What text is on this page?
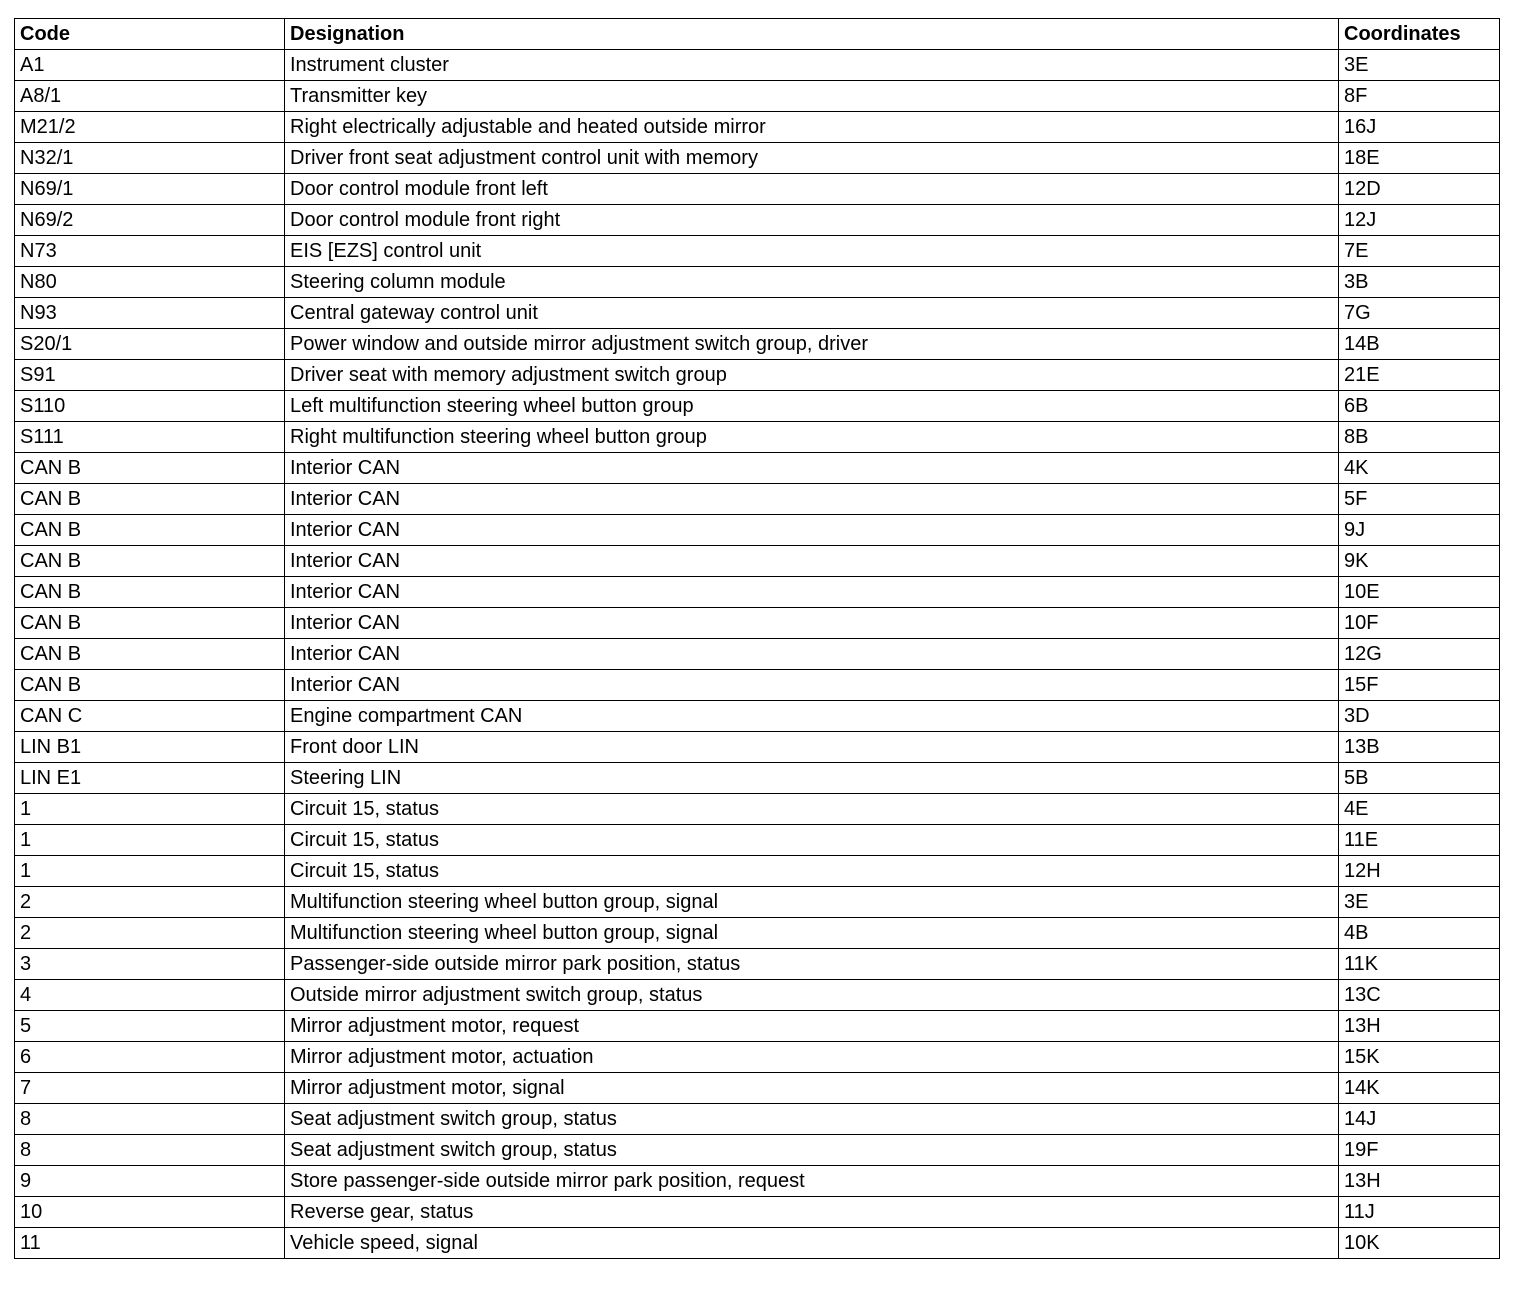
Code	Designation	Coordinates
A1	Instrument cluster	3E
A8/1	Transmitter key	8F
M21/2	Right electrically adjustable and heated outside mirror	16J
N32/1	Driver front seat adjustment control unit with memory	18E
N69/1	Door control module front left	12D
N69/2	Door control module front right	12J
N73	EIS [EZS] control unit	7E
N80	Steering column module	3B
N93	Central gateway control unit	7G
S20/1	Power window and outside mirror adjustment switch group, driver	14B
S91	Driver seat with memory adjustment switch group	21E
S110	Left multifunction steering wheel button group	6B
S111	Right multifunction steering wheel button group	8B
CAN B	Interior CAN	4K
CAN B	Interior CAN	5F
CAN B	Interior CAN	9J
CAN B	Interior CAN	9K
CAN B	Interior CAN	10E
CAN B	Interior CAN	10F
CAN B	Interior CAN	12G
CAN B	Interior CAN	15F
CAN C	Engine compartment CAN	3D
LIN B1	Front door LIN	13B
LIN E1	Steering LIN	5B
1	Circuit 15, status	4E
1	Circuit 15, status	11E
1	Circuit 15, status	12H
2	Multifunction steering wheel button group, signal	3E
2	Multifunction steering wheel button group, signal	4B
3	Passenger-side outside mirror park position, status	11K
4	Outside mirror adjustment switch group, status	13C
5	Mirror adjustment motor, request	13H
6	Mirror adjustment motor, actuation	15K
7	Mirror adjustment motor, signal	14K
8	Seat adjustment switch group, status	14J
8	Seat adjustment switch group, status	19F
9	Store passenger-side outside mirror park position, request	13H
10	Reverse gear, status	11J
11	Vehicle speed, signal	10K
